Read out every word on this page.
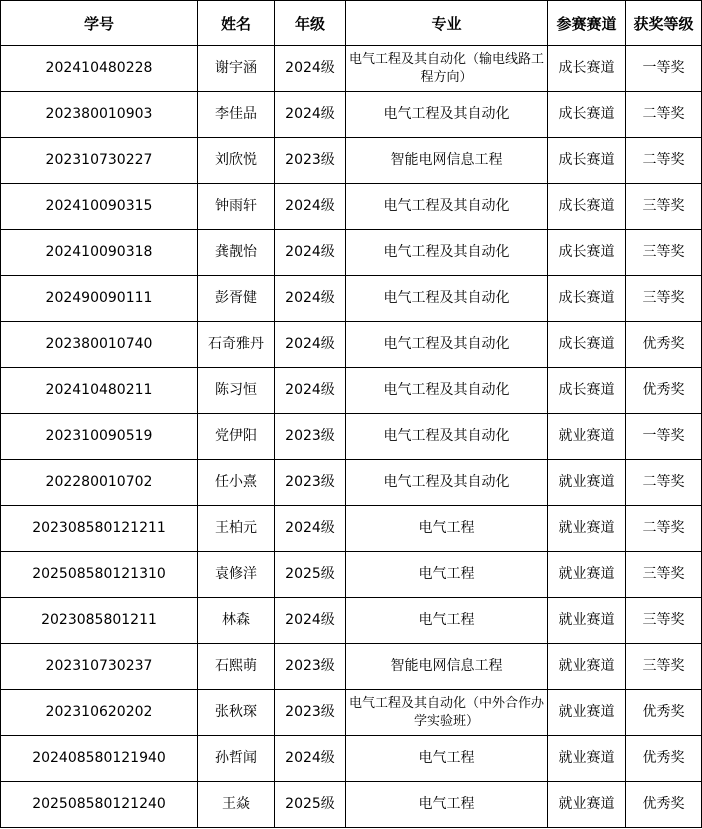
学号	姓名	年级	专业	参赛赛道	获奖等级
202410480228	谢宇涵	2024级	电气工程及其自动化（输电线路工程方向）	成长赛道	一等奖
202380010903	李佳品	2024级	电气工程及其自动化	成长赛道	二等奖
202310730227	刘欣悦	2023级	智能电网信息工程	成长赛道	二等奖
202410090315	钟雨轩	2024级	电气工程及其自动化	成长赛道	三等奖
202410090318	龚靓怡	2024级	电气工程及其自动化	成长赛道	三等奖
202490090111	彭胥健	2024级	电气工程及其自动化	成长赛道	三等奖
202380010740	石奇雅丹	2024级	电气工程及其自动化	成长赛道	优秀奖
202410480211	陈习恒	2024级	电气工程及其自动化	成长赛道	优秀奖
202310090519	党伊阳	2023级	电气工程及其自动化	就业赛道	一等奖
202280010702	任小熹	2023级	电气工程及其自动化	就业赛道	二等奖
202308580121211	王柏元	2024级	电气工程	就业赛道	二等奖
202508580121310	袁修洋	2025级	电气工程	就业赛道	三等奖
2023085801211	林森	2024级	电气工程	就业赛道	三等奖
202310730237	石熙萌	2023级	智能电网信息工程	就业赛道	三等奖
202310620202	张秋琛	2023级	电气工程及其自动化（中外合作办学实验班）	就业赛道	优秀奖
202408580121940	孙哲闻	2024级	电气工程	就业赛道	优秀奖
202508580121240	王焱	2025级	电气工程	就业赛道	优秀奖
